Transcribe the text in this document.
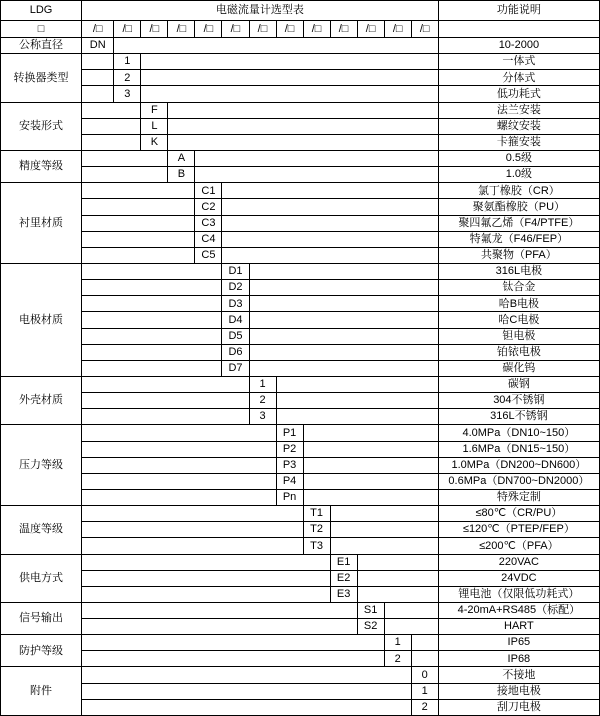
LDG	电磁流量计选型表													功能说明
□	/□	/□	/□	/□	/□	/□	/□	/□	/□	/□	/□	/□	/□	
公称直径	DN													10-2000
转换器类型		1												一体式
		2												分体式
		3												低功耗式
安装形式			F											法兰安装
			L											螺纹安装
			K											卡箍安装
精度等级				A										0.5级
				B										1.0级
衬里材质					C1									氯丁橡胶（CR）
					C2									聚氨酯橡胶（PU）
					C3									聚四氟乙烯（F4/PTFE）
					C4									特氟龙（F46/FEP）
					C5									共聚物（PFA）
电极材质						D1								316L电极
						D2								钛合金
						D3								哈B电极
						D4								哈C电极
						D5								钽电极
						D6								铂铱电极
						D7								碳化钨
外壳材质							1							碳钢
							2							304不锈钢
							3							316L不锈钢
压力等级								P1						4.0MPa（DN10~150）
								P2						1.6MPa（DN15~150）
								P3						1.0MPa（DN200~DN600）
								P4						0.6MPa（DN700~DN2000）
								Pn						特殊定制
温度等级									T1					≤80℃（CR/PU）
									T2					≤120℃（PTEP/FEP）
									T3					≤200℃（PFA）
供电方式										E1				220VAC
										E2				24VDC
										E3				锂电池（仅限低功耗式）
信号输出											S1			4-20mA+RS485（标配）
											S2			HART
防护等级												1		IP65
												2		IP68
附件													0	不接地
													1	接地电极
													2	刮刀电极
